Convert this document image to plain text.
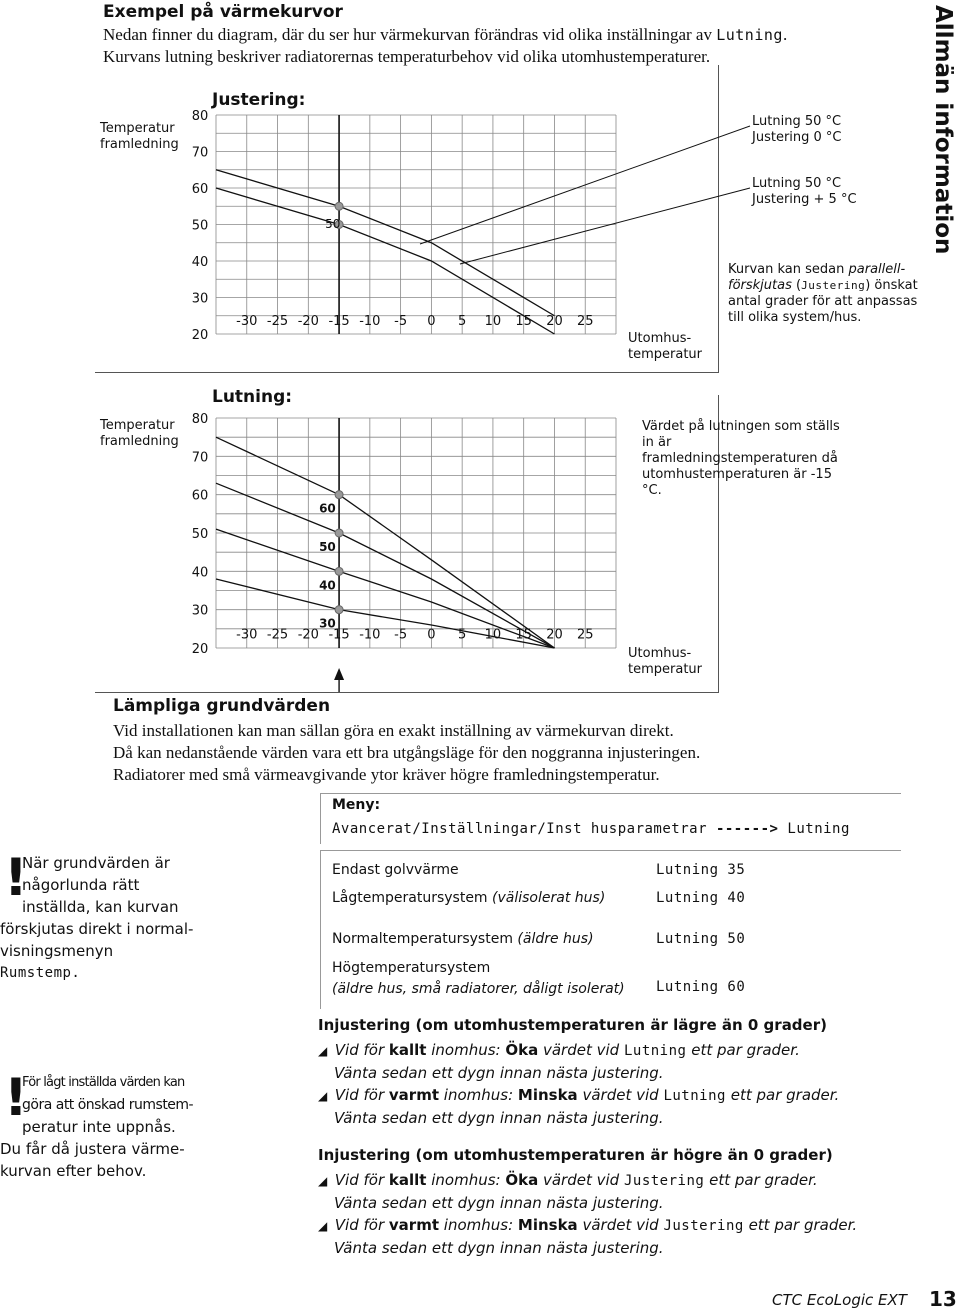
Exempel på värmekurvor
Nedan finner du diagram, där du ser hur värmekurvan förändras vid olika inställningar av Lutning.
Kurvans lutning beskriver radiatorernas temperaturbehov vid olika utomhustemperaturer.	Allmän information
Justering:
Temperatur
framledning
Utomhus-
temperatur
80
70
60
50
40
30
20
-30 -25 -20 -15 -10 -5 0 5 10 15 20 25
50
80
70
60
50
40
30
20
-30 -25 -20 -15 -10 -5 0 5 10 15 20 25
60
50
40
30
Lutning 50 °C
Justering 0 °C
Lutning 50 °C
Justering + 5 °C
Kurvan kan sedan parallell-förskjutas (Justering) önskat antal grader för att anpassas till olika system/hus.
Lutning:
Temperatur
framledning
Utomhus-
temperatur
Värdet på lutningen som ställs in är framledningstemperaturen då utomhustemperaturen är -15 °C.
Lämpliga grundvärden
Vid installationen kan man sällan göra en exakt inställning av värmekurvan direkt.
Då kan nedanstående värden vara ett bra utgångsläge för den noggranna injusteringen.
Radiatorer med små värmeavgivande ytor kräver högre framledningstemperatur.
Meny:
Avancerat/Inställningar/Inst husparametrar ------> Lutning
Endast golvvärme	Lutning 35
Lågtemperatursystem (välisolerat hus)	Lutning 40
Normaltemperatursystem (äldre hus)	Lutning 50
Högtemperatursystem
(äldre hus, små radiatorer, dåligt isolerat) Lutning 60
!
När grundvärden är
någorlunda rätt
inställda, kan kurvan
förskjutas direkt i normal-
visningsmenyn
Rumstemp.
!
För lågt inställda värden kan
göra att önskad rumstem-
peratur inte uppnås.
Du får då justera värme-
kurvan efter behov.
Injustering (om utomhustemperaturen är lägre än 0 grader)
◢ Vid för kallt inomhus: Öka värdet vid Lutning ett par grader.
Vänta sedan ett dygn innan nästa justering.
◢ Vid för varmt inomhus: Minska värdet vid Lutning ett par grader.
Vänta sedan ett dygn innan nästa justering.
Injustering (om utomhustemperaturen är högre än 0 grader)
◢ Vid för kallt inomhus: Öka värdet vid Justering ett par grader.
Vänta sedan ett dygn innan nästa justering.
◢ Vid för varmt inomhus: Minska värdet vid Justering ett par grader.
Vänta sedan ett dygn innan nästa justering.
CTC EcoLogic EXT 13
